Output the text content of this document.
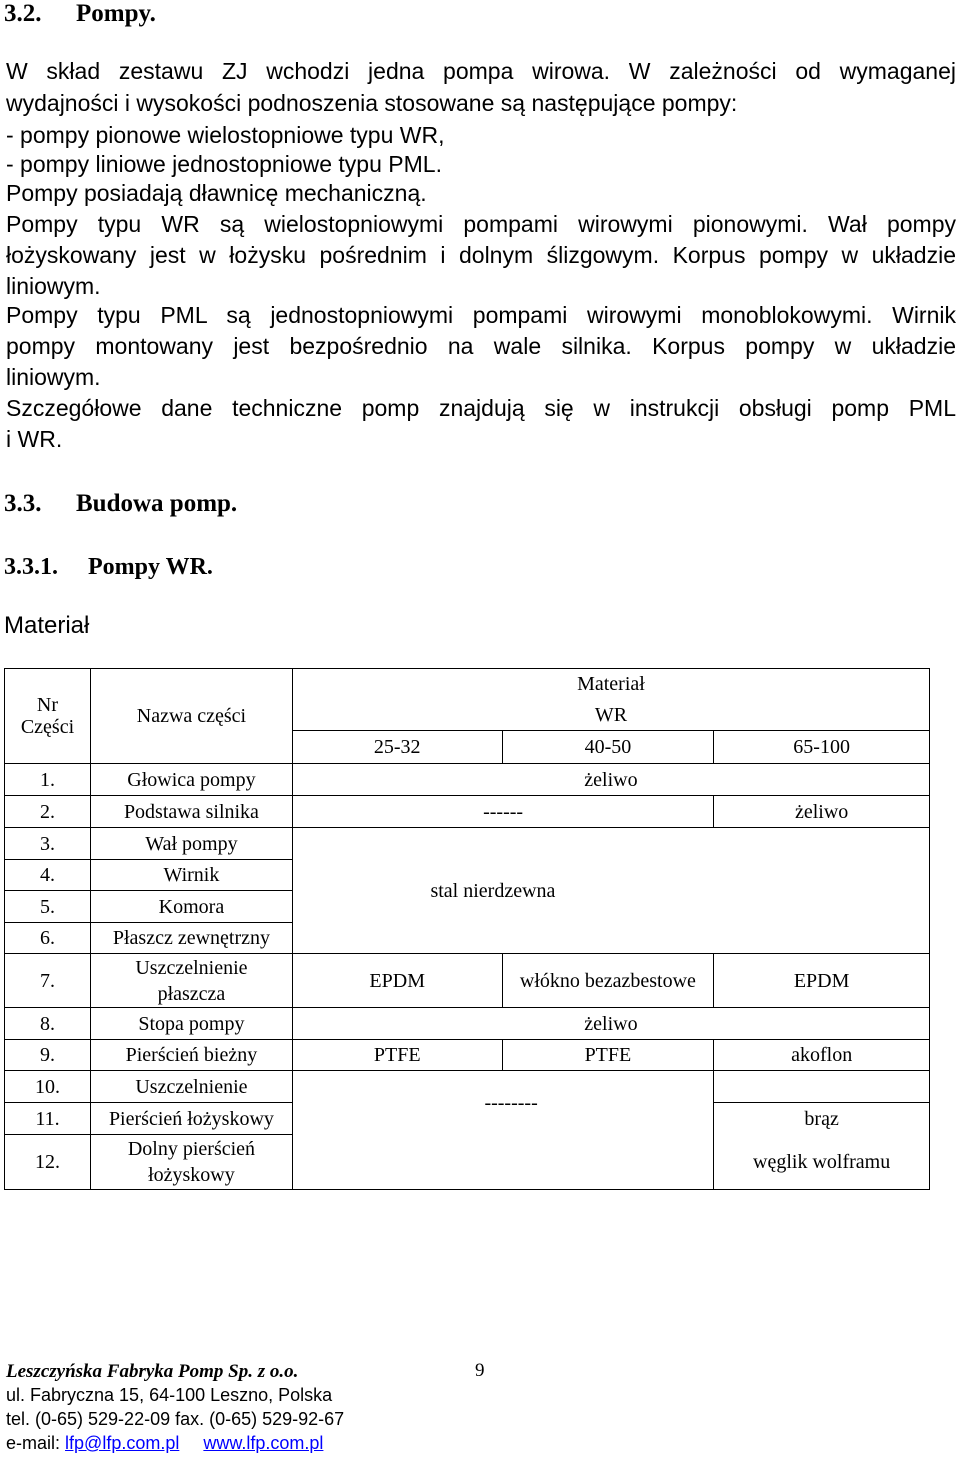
3.2. Pompy.
W skład zestawu ZJ wchodzi jedna pompa wirowa. W zależności od wymaganej
wydajności i wysokości podnoszenia stosowane są następujące pompy:
- pompy pionowe wielostopniowe typu WR,
- pompy liniowe jednostopniowe typu PML.
Pompy posiadają dławnicę mechaniczną.
Pompy typu WR są wielostopniowymi pompami wirowymi pionowymi. Wał pompy
łożyskowany jest w łożysku pośrednim i dolnym ślizgowym. Korpus pompy w układzie
liniowym.
Pompy typu PML są jednostopniowymi pompami wirowymi monoblokowymi. Wirnik
pompy montowany jest bezpośrednio na wale silnika. Korpus pompy w układzie
liniowym.
Szczegółowe dane techniczne pomp znajdują się w instrukcji obsługi pomp PML
i WR.
3.3. Budowa pomp.
3.3.1. Pompy WR.
Materiał
Nr Części	Nazwa części	Materiał		
		WR		
		25-32	40-50	65-100
1.	Głowica pompy	żeliwo		
2.	Podstawa silnika	------		żeliwo
3.	Wał pompy	stal nierdzewna		
4.	Wirnik			
5.	Komora			
6.	Płaszcz zewnętrzny			
7.	Uszczelnienie płaszcza	EPDM	włókno bezazbestowe	EPDM
8.	Stopa pompy	żeliwo		
9.	Pierścień bieżny	PTFE	PTFE	akoflon
10.	Uszczelnienie	--------		
11.	Pierścień łożyskowy			brąz
12.	Dolny pierścień łożyskowy			węglik wolframu
Leszczyńska Fabryka Pomp Sp. z o.o.	9
ul. Fabryczna 15, 64-100 Leszno, Polska
tel. (0-65) 529-22-09 fax. (0-65) 529-92-67
e-mail: lfp@lfp.com.pl www.lfp.com.pl
